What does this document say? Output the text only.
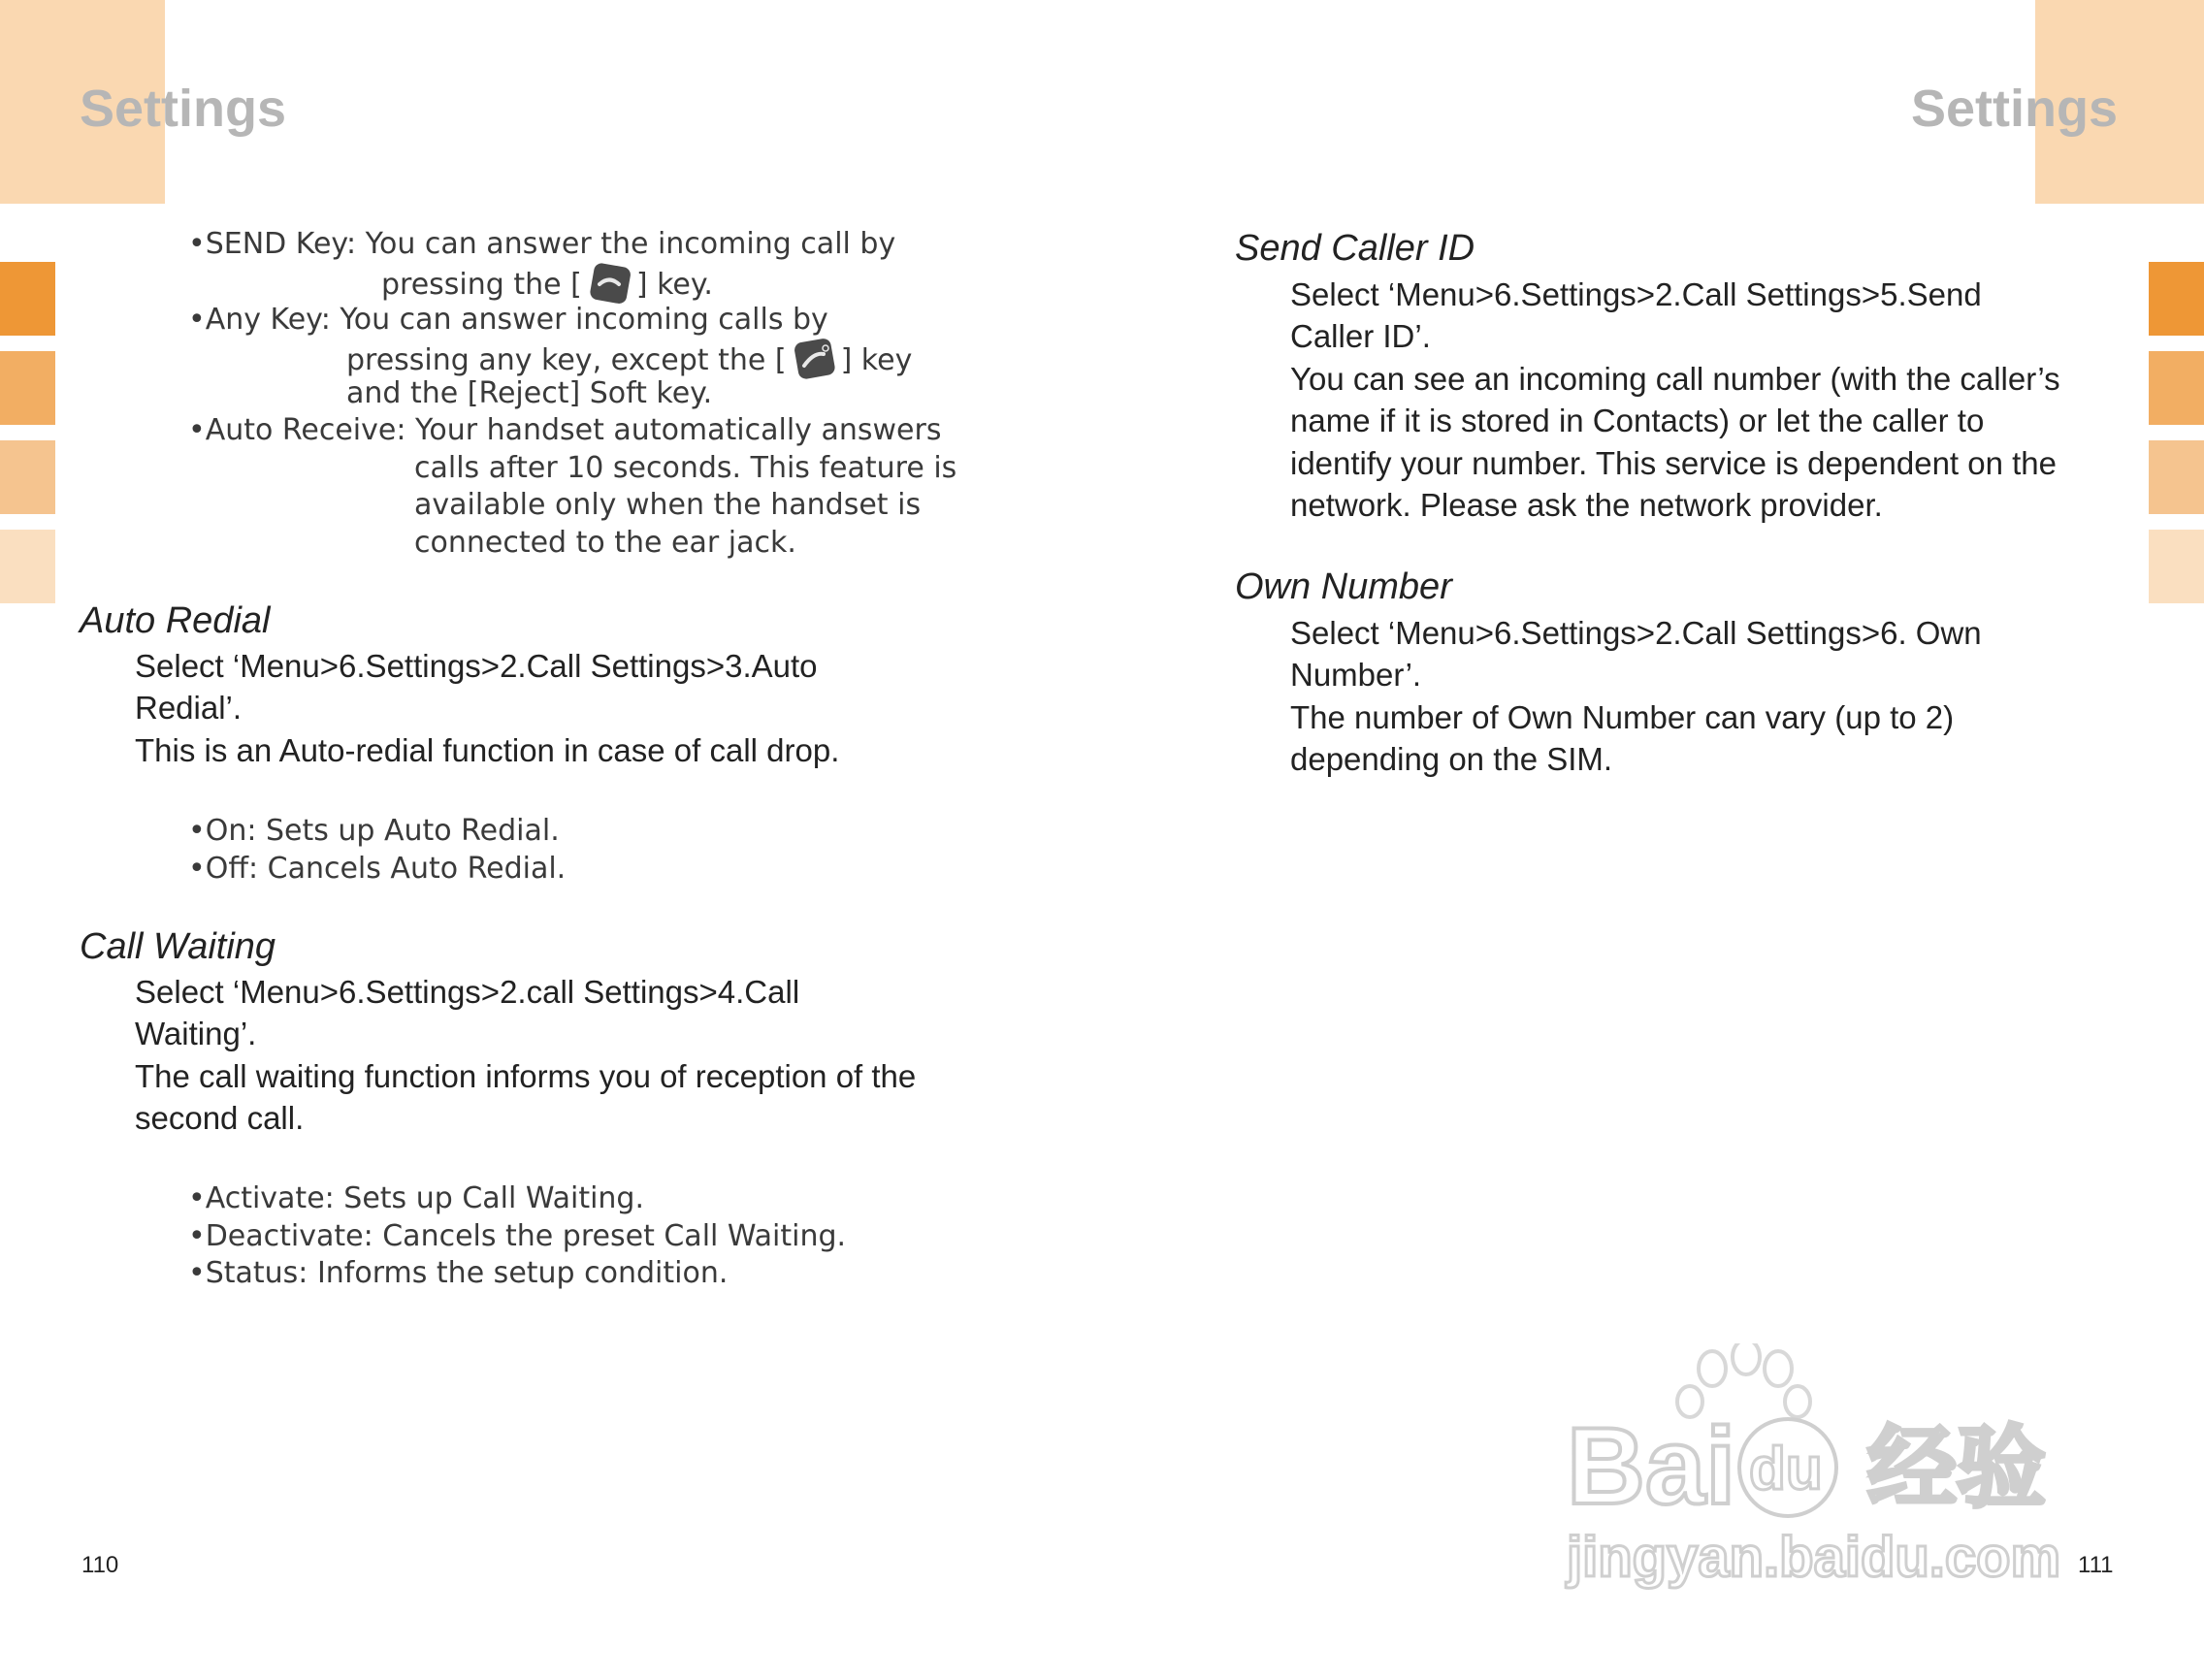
Settings	Settings
•SEND Key: You can answer the incoming call by
pressing the [ ] key.
•Any Key: You can answer incoming calls by
pressing any key, except the [ ] key
and the [Reject] Soft key.
•Auto Receive: Your handset automatically answers
calls after 10 seconds. This feature is
available only when the handset is
connected to the ear jack.
Auto Redial
Select ‘Menu>6.Settings>2.Call Settings>3.Auto
Redial’.
This is an Auto-redial function in case of call drop.
•On: Sets up Auto Redial.
•Off: Cancels Auto Redial.
Call Waiting
Select ‘Menu>6.Settings>2.call Settings>4.Call
Waiting’.
The call waiting function informs you of reception of the
second call.
•Activate: Sets up Call Waiting.
•Deactivate: Cancels the preset Call Waiting.
•Status: Informs the setup condition.
110
Send Caller ID
Select ‘Menu>6.Settings>2.Call Settings>5.Send
Caller ID’.
You can see an incoming call number (with the caller’s
name if it is stored in Contacts) or let the caller to
identify your number. This service is dependent on the
network. Please ask the network provider.
Own Number
Select ‘Menu>6.Settings>2.Call Settings>6. Own
Number’.
The number of Own Number can vary (up to 2)
depending on the SIM.
111
Bai du 经验
jingyan.baidu.com
